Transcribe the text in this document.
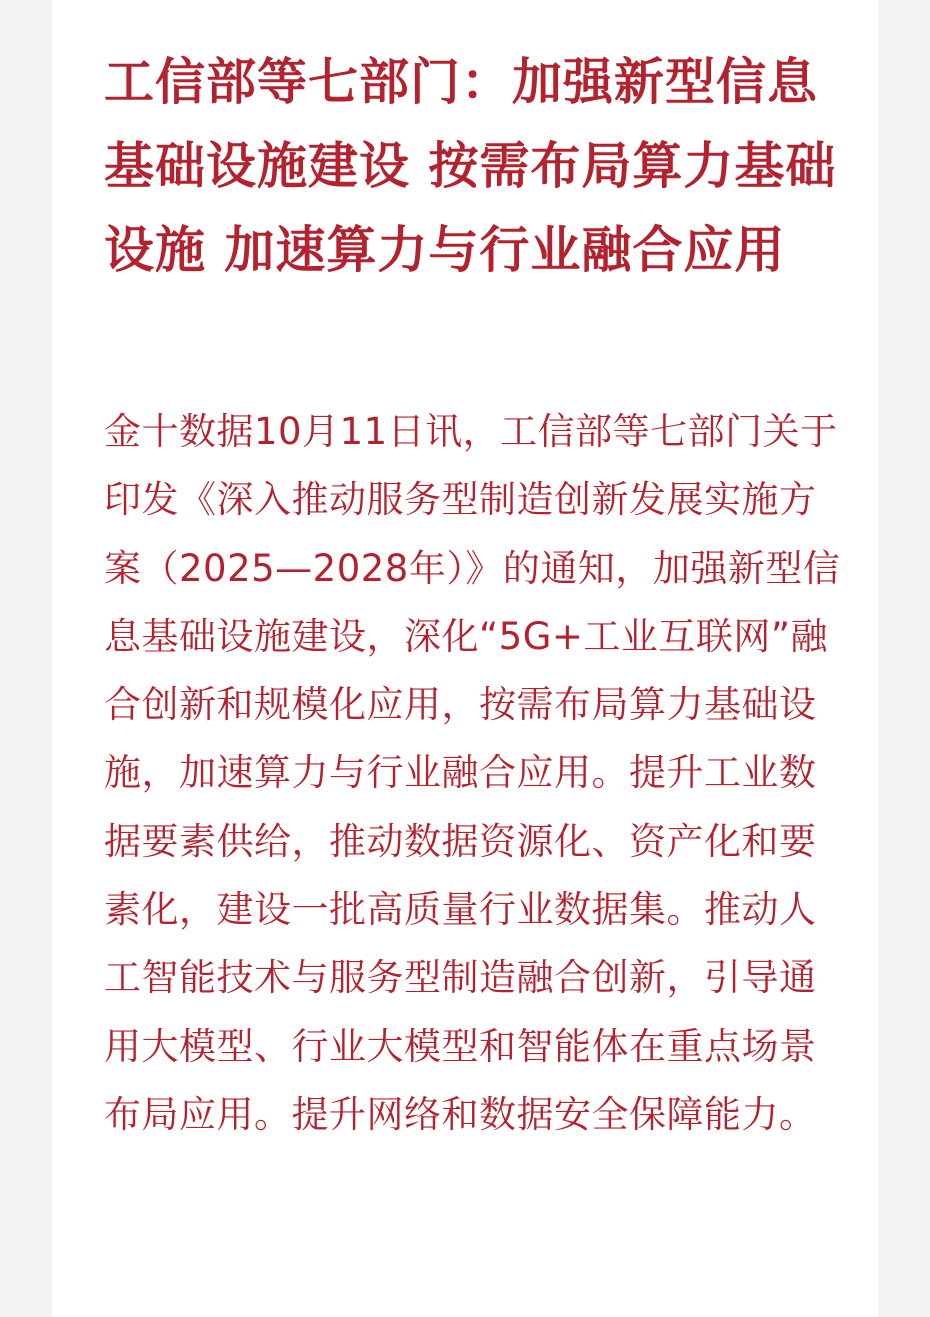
工信部等七部门：加强新型信息基础设施建设 按需布局算力基础设施 加速算力与行业融合应用

金十数据10月11日讯，工信部等七部门关于印发《深入推动服务型制造创新发展实施方案（2025—2028年）》的通知，加强新型信息基础设施建设，深化“5G+工业互联网”融合创新和规模化应用，按需布局算力基础设施，加速算力与行业融合应用。提升工业数据要素供给，推动数据资源化、资产化和要素化，建设一批高质量行业数据集。推动人工智能技术与服务型制造融合创新，引导通用大模型、行业大模型和智能体在重点场景布局应用。提升网络和数据安全保障能力。
